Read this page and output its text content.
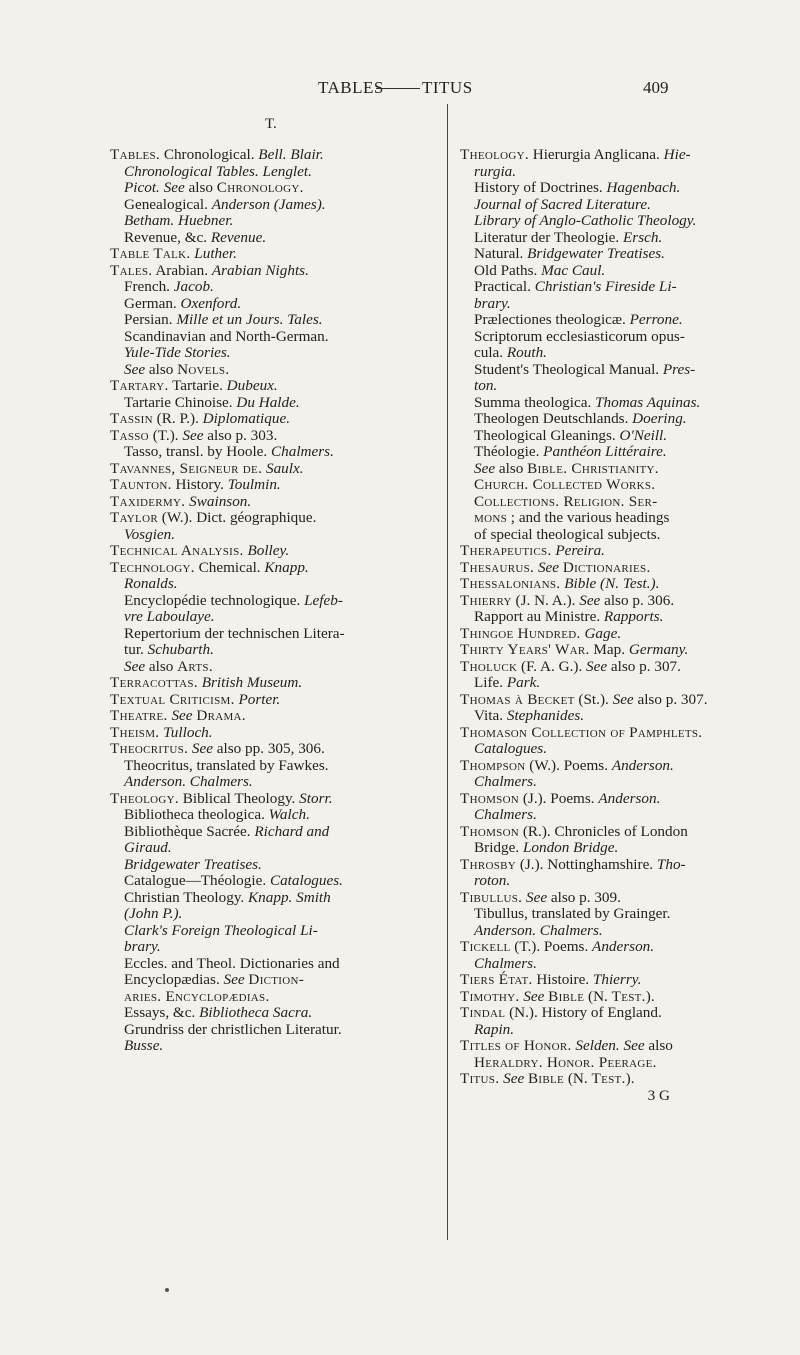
TABLES TITUS	409
T.

Tables. Chronological. Bell. Blair.

Chronological Tables. Lenglet.

Picot. See also Chronology.

Genealogical. Anderson (James).

Betham. Huebner.

Revenue, &c. Revenue.

Table Talk. Luther.

Tales. Arabian. Arabian Nights.

French. Jacob.

German. Oxenford.

Persian. Mille et un Jours. Tales.

Scandinavian and North-German.

Yule-Tide Stories.

See also Novels.

Tartary. Tartarie. Dubeux.

Tartarie Chinoise. Du Halde.

Tassin (R. P.). Diplomatique.

Tasso (T.). See also p. 303.

Tasso, transl. by Hoole. Chalmers.

Tavannes, Seigneur de. Saulx.

Taunton. History. Toulmin.

Taxidermy. Swainson.

Taylor (W.). Dict. géographique.

Vosgien.

Technical Analysis. Bolley.

Technology. Chemical. Knapp.

Ronalds.

Encyclopédie technologique. Lefeb-

vre Laboulaye.

Repertorium der technischen Litera-

tur. Schubarth.

See also Arts.

Terracottas. British Museum.

Textual Criticism. Porter.

Theatre. See Drama.

Theism. Tulloch.

Theocritus. See also pp. 305, 306.

Theocritus, translated by Fawkes.

Anderson. Chalmers.

Theology. Biblical Theology. Storr.

Bibliotheca theologica. Walch.

Bibliothèque Sacrée. Richard and

Giraud.

Bridgewater Treatises.

Catalogue—Théologie. Catalogues.

Christian Theology. Knapp. Smith

(John P.).

Clark's Foreign Theological Li-

brary.

Eccles. and Theol. Dictionaries and

Encyclopædias. See Diction-

aries. Encyclopædias.

Essays, &c. Bibliotheca Sacra.

Grundriss der christlichen Literatur.

Busse.

Theology. Hierurgia Anglicana. Hie-

rurgia.

History of Doctrines. Hagenbach.

Journal of Sacred Literature.

Library of Anglo-Catholic Theology.

Literatur der Theologie. Ersch.

Natural. Bridgewater Treatises.

Old Paths. Mac Caul.

Practical. Christian's Fireside Li-

brary.

Prælectiones theologicæ. Perrone.

Scriptorum ecclesiasticorum opus-

cula. Routh.

Student's Theological Manual. Pres-

ton.

Summa theologica. Thomas Aquinas.

Theologen Deutschlands. Doering.

Theological Gleanings. O'Neill.

Théologie. Panthéon Littéraire.

See also Bible. Christianity.

Church. Collected Works.

Collections. Religion. Ser-

mons ; and the various headings

of special theological subjects.

Therapeutics. Pereira.

Thesaurus. See Dictionaries.

Thessalonians. Bible (N. Test.).

Thierry (J. N. A.). See also p. 306.

Rapport au Ministre. Rapports.

Thingoe Hundred. Gage.

Thirty Years' War. Map. Germany.

Tholuck (F. A. G.). See also p. 307.

Life. Park.

Thomas à Becket (St.). See also p. 307.

Vita. Stephanides.

Thomason Collection of Pamphlets.

Catalogues.

Thompson (W.). Poems. Anderson.

Chalmers.

Thomson (J.). Poems. Anderson.

Chalmers.

Thomson (R.). Chronicles of London

Bridge. London Bridge.

Throsby (J.). Nottinghamshire. Tho-

roton.

Tibullus. See also p. 309.

Tibullus, translated by Grainger.

Anderson. Chalmers.

Tickell (T.). Poems. Anderson.

Chalmers.

Tiers État. Histoire. Thierry.

Timothy. See Bible (N. Test.).

Tindal (N.). History of England.

Rapin.

Titles of Honor. Selden. See also

Heraldry. Honor. Peerage.

Titus. See Bible (N. Test.).

3 G
